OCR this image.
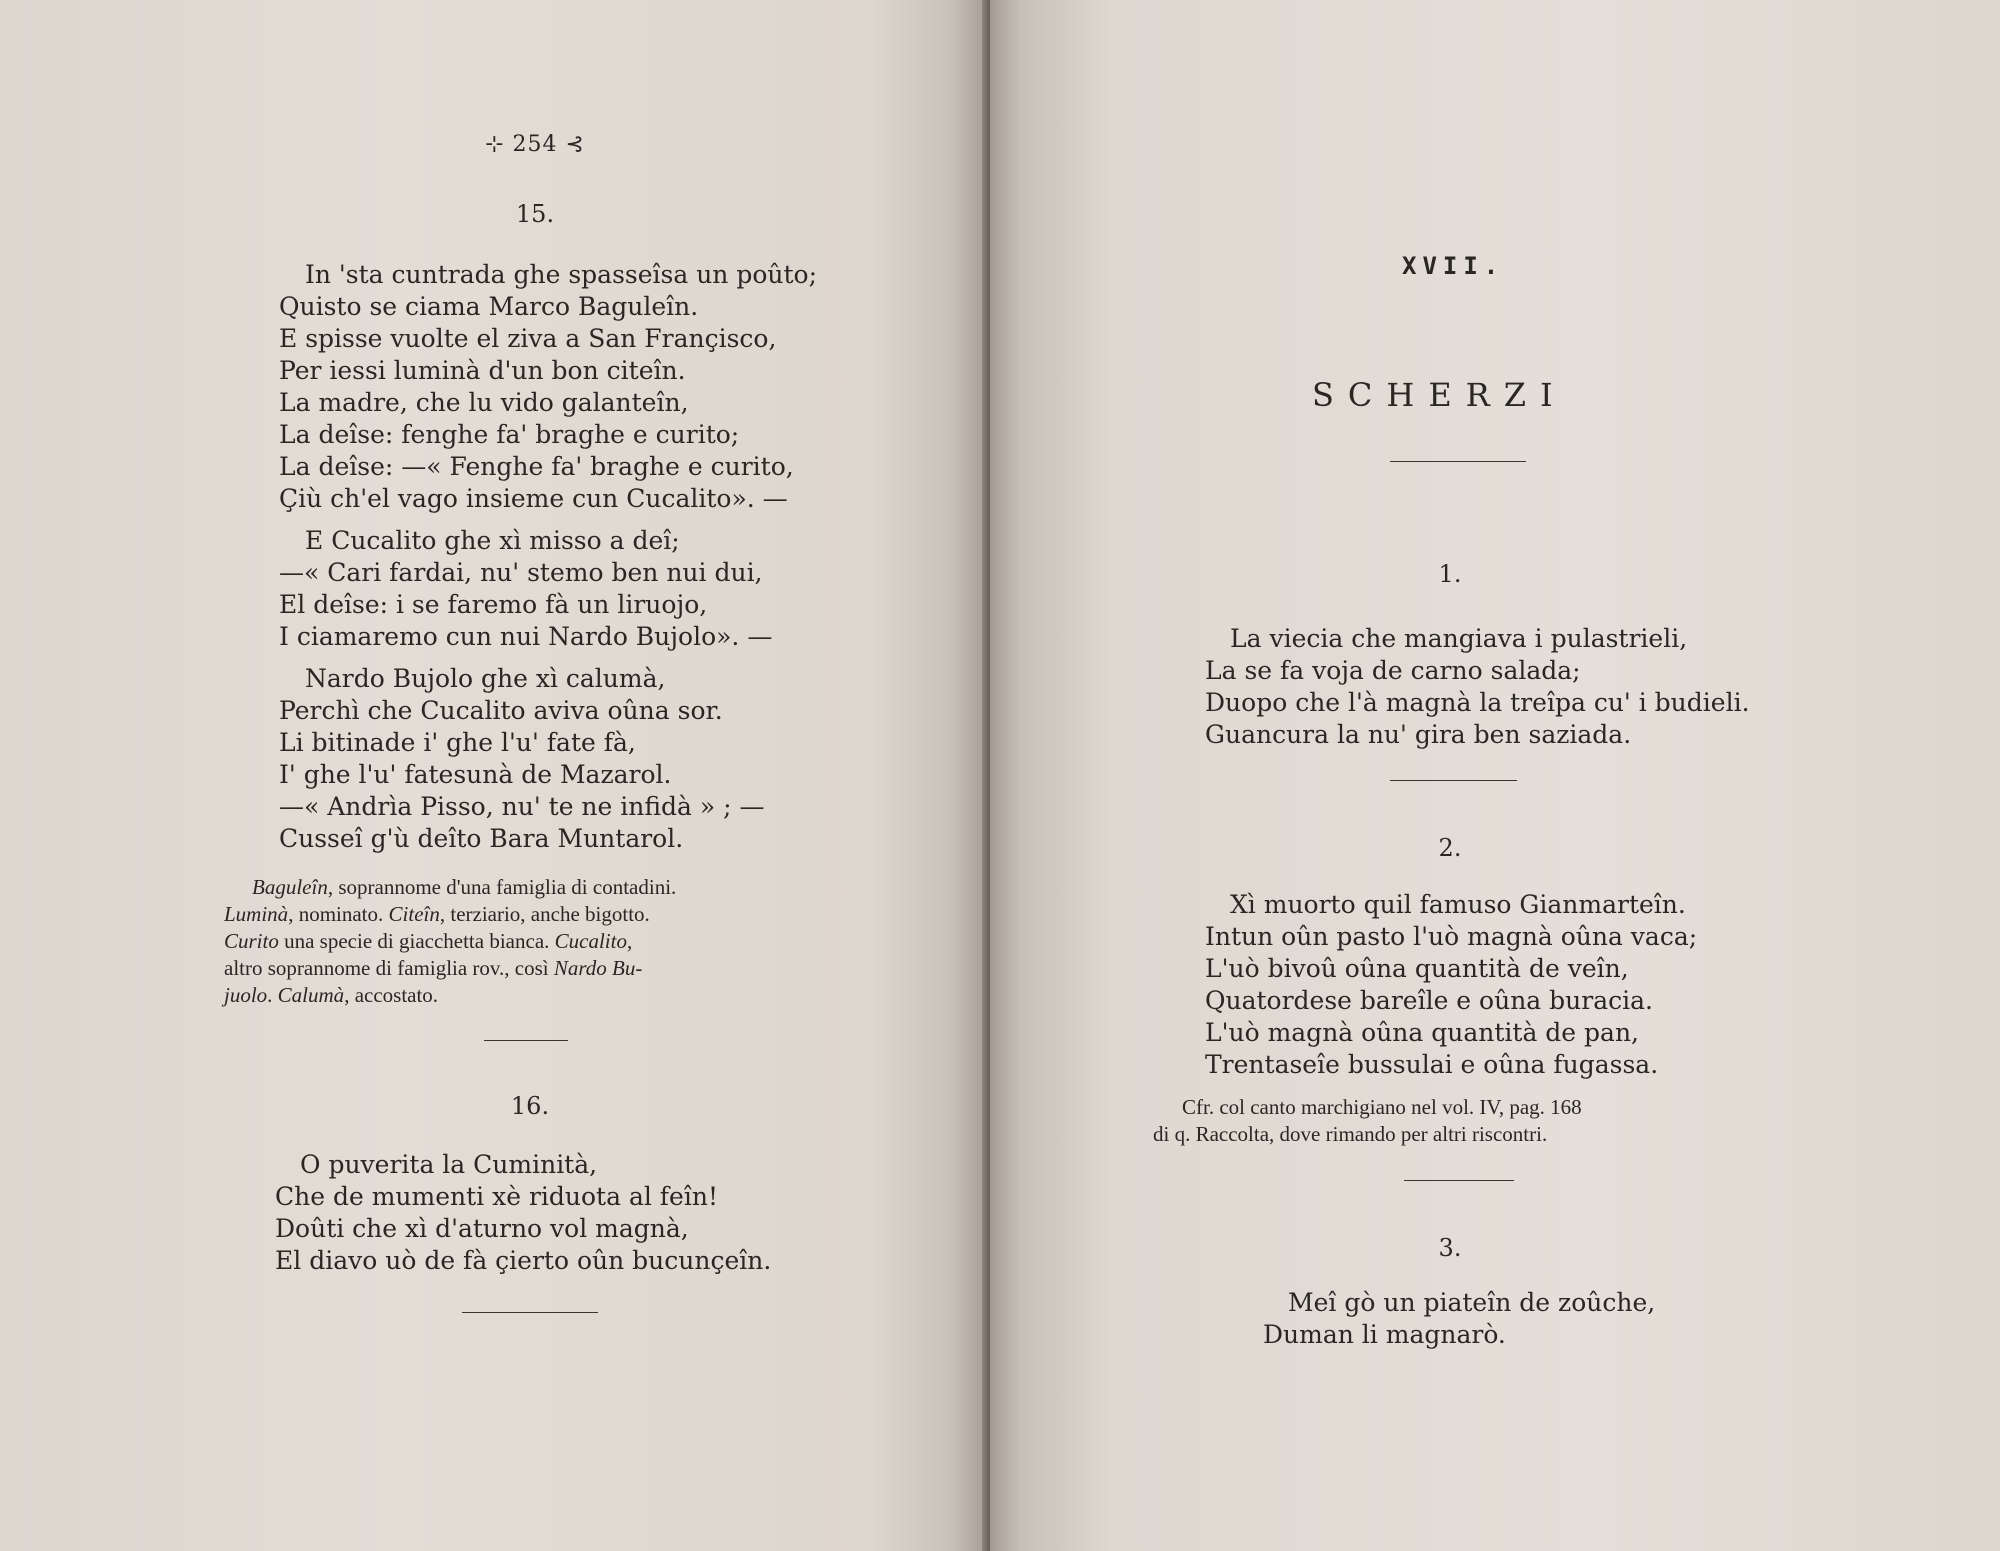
⊹ 254 ⊰
15.
In 'sta cuntrada ghe spasseîsa un poûto;
Quisto se ciama Marco Baguleîn.
E spisse vuolte el ziva a San Françisco,
Per iessi luminà d'un bon citeîn.
La madre, che lu vido galanteîn,
La deîse: fenghe fa' braghe e curito;
La deîse: —« Fenghe fa' braghe e curito,
Çiù ch'el vago insieme cun Cucalito». —
E Cucalito ghe xì misso a deî;
—« Cari fardai, nu' stemo ben nui dui,
El deîse: i se faremo fà un liruojo,
I ciamaremo cun nui Nardo Bujolo». —
Nardo Bujolo ghe xì calumà,
Perchì che Cucalito aviva oûna sor.
Li bitinade i' ghe l'u' fate fà,
I' ghe l'u' fatesunà de Mazarol.
—« Andrìa Pisso, nu' te ne infidà » ; —
Cusseî g'ù deîto Bara Muntarol.
Baguleîn, soprannome d'una famiglia di contadini.
Luminà, nominato. Citeîn, terziario, anche bigotto.
Curito una specie di giacchetta bianca. Cucalito,
altro soprannome di famiglia rov., così Nardo Bu-
juolo. Calumà, accostato.
16.
O puverita la Cuminità,
Che de mumenti xè riduota al feîn!
Doûti che xì d'aturno vol magnà,
El diavo uò de fà çierto oûn bucunçeîn.
XVII.
SCHERZI
1.
La viecia che mangiava i pulastrieli,
La se fa voja de carno salada;
Duopo che l'à magnà la treîpa cu' i budieli.
Guancura la nu' gira ben saziada.
2.
Xì muorto quil famuso Gianmarteîn.
Intun oûn pasto l'uò magnà oûna vaca;
L'uò bivoû oûna quantità de veîn,
Quatordese bareîle e oûna buracia.
L'uò magnà oûna quantità de pan,
Trentaseîe bussulai e oûna fugassa.
Cfr. col canto marchigiano nel vol. IV, pag. 168
di q. Raccolta, dove rimando per altri riscontri.
3.
Meî gò un piateîn de zoûche,
Duman li magnarò.
